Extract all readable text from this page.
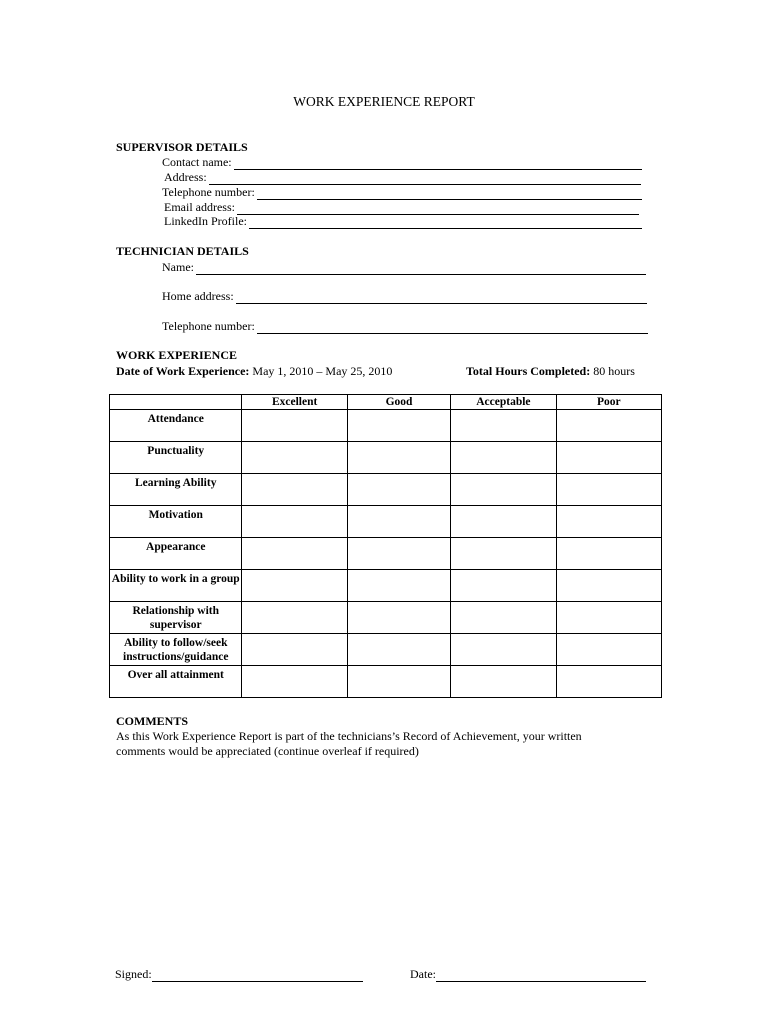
WORK EXPERIENCE REPORT
SUPERVISOR DETAILS
Contact name:
Address:
Telephone number:
Email address:
LinkedIn Profile:
TECHNICIAN DETAILS
Name:
Home address:
Telephone number:
WORK EXPERIENCE
Date of Work Experience: May 1, 2010 – May 25, 2010	Total Hours Completed: 80 hours
	Excellent	Good	Acceptable	Poor
Attendance				
Punctuality				
Learning Ability				
Motivation				
Appearance				
Ability to work in a group				
Relationship with supervisor				
Ability to follow/seek instructions/guidance				
Over all attainment				
COMMENTS
As this Work Experience Report is part of the technicians’s Record of Achievement, your written
comments would be appreciated (continue overleaf if required)
Signed:	Date:
